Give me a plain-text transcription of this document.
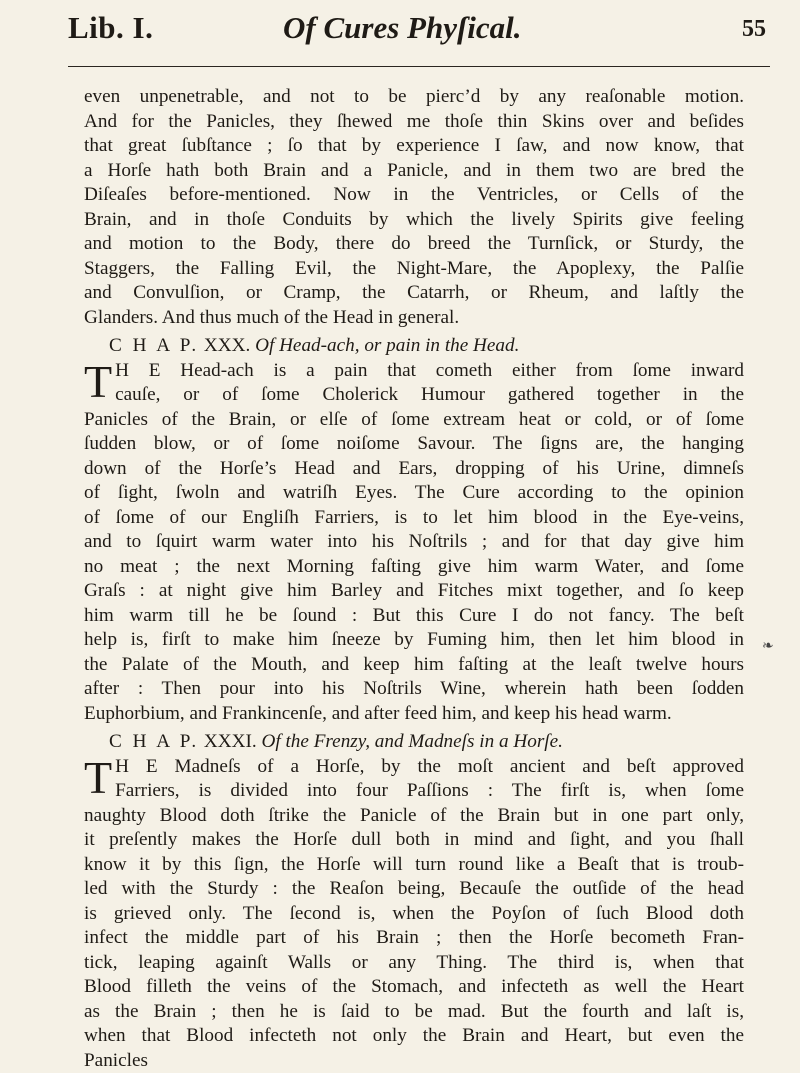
Lib. I.	Of Cures Phyſical.	55
even unpenetrable, and not to be pierc’d by any reaſonable motion.
And for the Panicles, they ſhewed me thoſe thin Skins over and beſides
that great ſubſtance ; ſo that by experience I ſaw, and now know, that
a Horſe hath both Brain and a Panicle, and in them two are bred the
Diſeaſes before-mentioned. Now in the Ventricles, or Cells of the
Brain, and in thoſe Conduits by which the lively Spirits give feeling
and motion to the Body, there do breed the Turnſick, or Sturdy, the
Staggers, the Falling Evil, the Night-Mare, the Apoplexy, the Palſie
and Convulſion, or Cramp, the Catarrh, or Rheum, and laſtly the
Glanders. And thus much of the Head in general.
C H A P. XXX. Of Head-ach, or pain in the Head.
T H E Head-ach is a pain that cometh either from ſome inward
cauſe, or of ſome Cholerick Humour gathered together in the
Panicles of the Brain, or elſe of ſome extream heat or cold, or of ſome
ſudden blow, or of ſome noiſome Savour. The ſigns are, the hanging
down of the Horſe’s Head and Ears, dropping of his Urine, dimneſs
of ſight, ſwoln and watriſh Eyes. The Cure according to the opinion
of ſome of our Engliſh Farriers, is to let him blood in the Eye-veins,
and to ſquirt warm water into his Noſtrils ; and for that day give him
no meat ; the next Morning faſting give him warm Water, and ſome
Graſs : at night give him Barley and Fitches mixt together, and ſo keep
him warm till he be ſound : But this Cure I do not fancy. The beſt
help is, firſt to make him ſneeze by Fuming him, then let him blood in
the Palate of the Mouth, and keep him faſting at the leaſt twelve hours
after : Then pour into his Noſtrils Wine, wherein hath been ſodden
Euphorbium, and Frankincenſe, and after feed him, and keep his head warm.
C H A P. XXXI. Of the Frenzy, and Madneſs in a Horſe.
T H E Madneſs of a Horſe, by the moſt ancient and beſt approved
Farriers, is divided into four Paſſions : The firſt is, when ſome
naughty Blood doth ſtrike the Panicle of the Brain but in one part only,
it preſently makes the Horſe dull both in mind and ſight, and you ſhall
know it by this ſign, the Horſe will turn round like a Beaſt that is troub-
led with the Sturdy : the Reaſon being, Becauſe the outſide of the head
is grieved only. The ſecond is, when the Poyſon of ſuch Blood doth
infect the middle part of his Brain ; then the Horſe becometh Fran-
tick, leaping againſt Walls or any Thing. The third is, when that
Blood filleth the veins of the Stomach, and infecteth as well the Heart
as the Brain ; then he is ſaid to be mad. But the fourth and laſt is,
when that Blood infecteth not only the Brain and Heart, but even the
Panicles
❧
